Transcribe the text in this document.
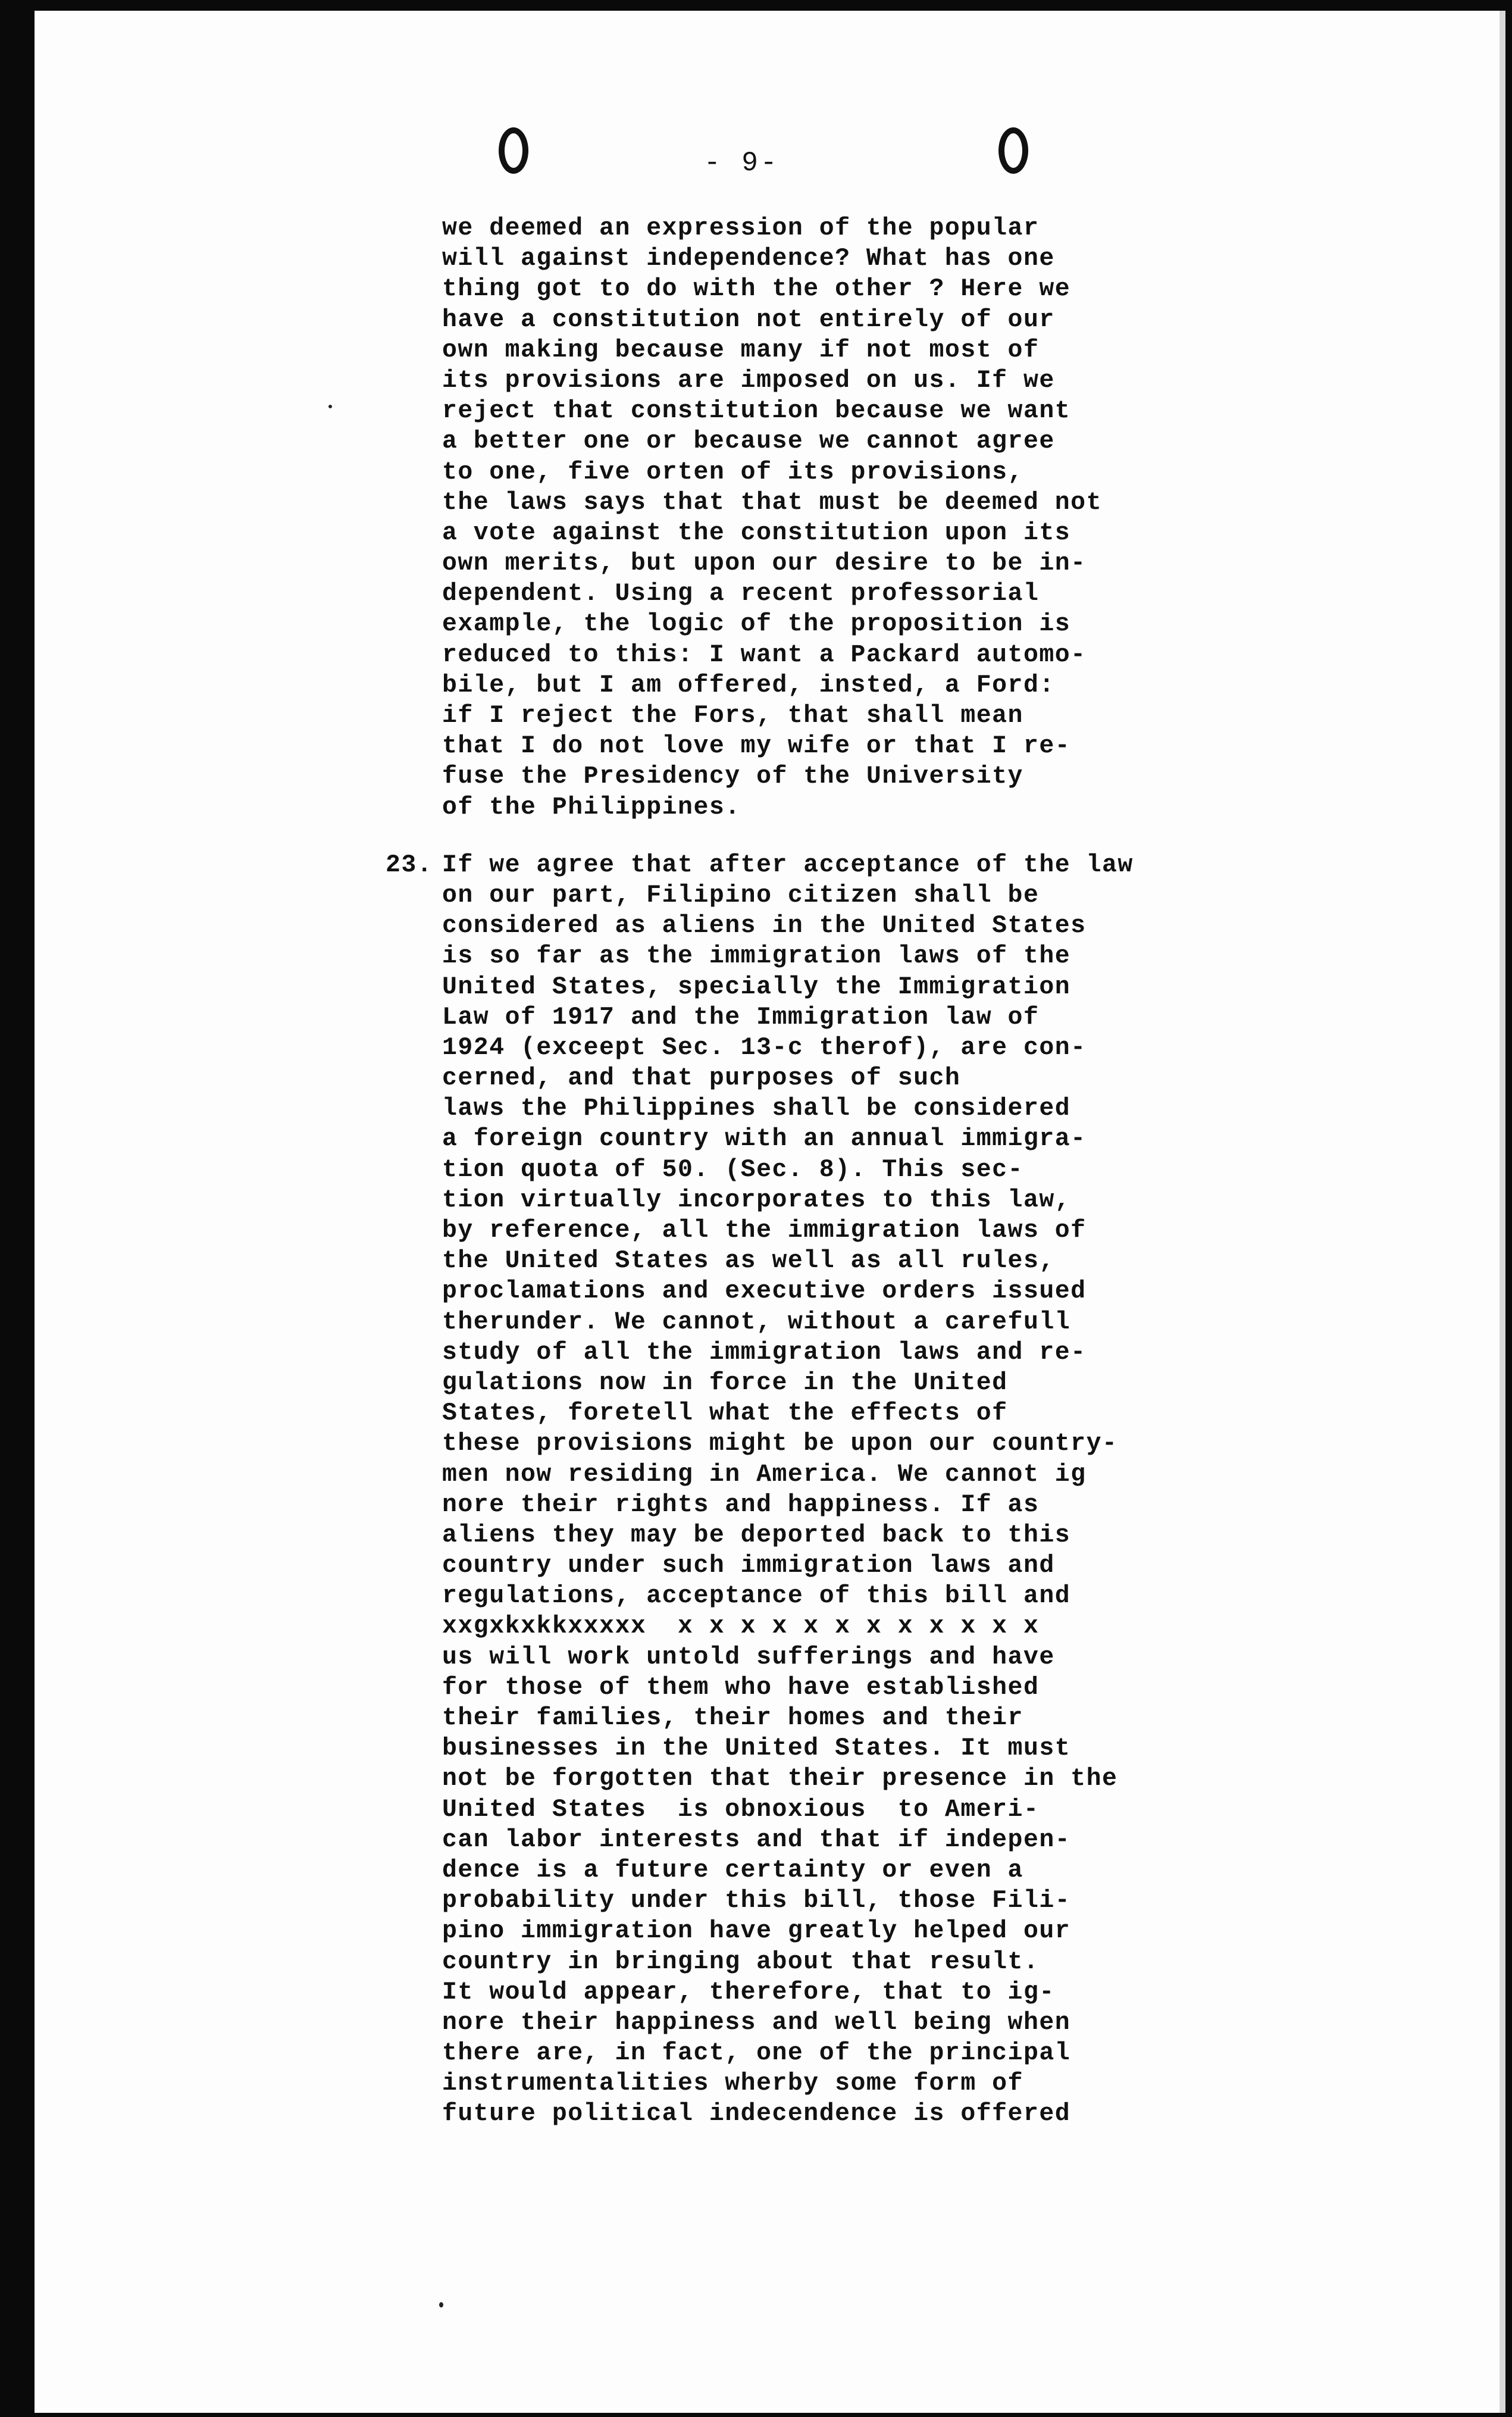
- 9-
we deemed an expression of the popular
will against independence? What has one
thing got to do with the other ? Here we
have a constitution not entirely of our
own making because many if not most of
its provisions are imposed on us. If we
reject that constitution because we want
a better one or because we cannot agree
to one, five orten of its provisions,
the laws says that that must be deemed not
a vote against the constitution upon its
own merits, but upon our desire to be in-
dependent. Using a recent professorial
example, the logic of the proposition is
reduced to this: I want a Packard automo-
bile, but I am offered, insted, a Ford:
if I reject the Fors, that shall mean
that I do not love my wife or that I re-
fuse the Presidency of the University
of the Philippines.
23. If we agree that after acceptance of the law
on our part, Filipino citizen shall be
considered as aliens in the United States
is so far as the immigration laws of the
United States, specially the Immigration
Law of 1917 and the Immigration law of
1924 (exceept Sec. 13-c therof), are con-
cerned, and that purposes of such
laws the Philippines shall be considered
a foreign country with an annual immigra-
tion quota of 50. (Sec. 8). This sec-
tion virtually incorporates to this law,
by reference, all the immigration laws of
the United States as well as all rules,
proclamations and executive orders issued
therunder. We cannot, without a carefull
study of all the immigration laws and re-
gulations now in force in the United
States, foretell what the effects of
these provisions might be upon our country-
men now residing in America. We cannot ig
nore their rights and happiness. If as
aliens they may be deported back to this
country under such immigration laws and
regulations, acceptance of this bill and
xxgxkxkkxxxxx  x x x x x x x x x x x x
us will work untold sufferings and have
for those of them who have established
their families, their homes and their
businesses in the United States. It must
not be forgotten that their presence in the
United States  is obnoxious  to Ameri-
can labor interests and that if indepen-
dence is a future certainty or even a
probability under this bill, those Fili-
pino immigration have greatly helped our
country in bringing about that result.
It would appear, therefore, that to ig-
nore their happiness and well being when
there are, in fact, one of the principal
instrumentalities wherby some form of
future political indecendence is offered
